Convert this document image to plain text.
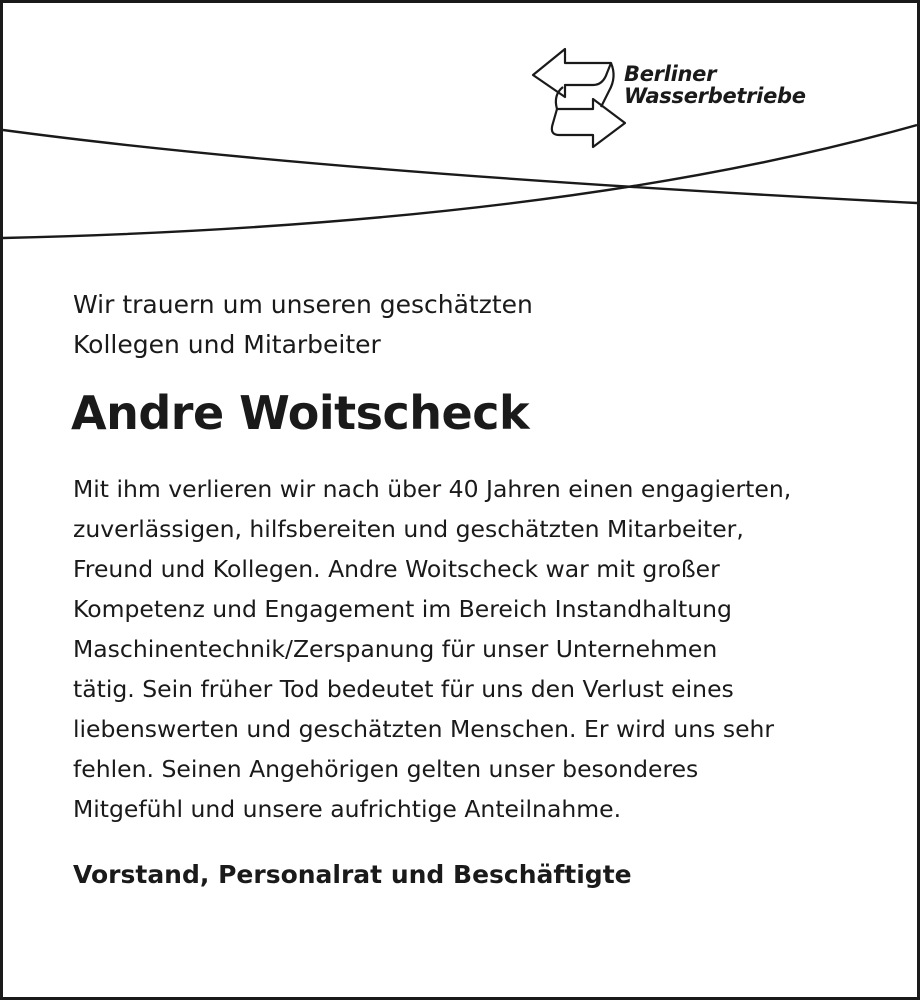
Berliner
Wasserbetriebe
Wir trauern um unseren geschätzten
Kollegen und Mitarbeiter
Andre Woitscheck
Mit ihm verlieren wir nach über 40 Jahren einen engagierten,
zuverlässigen, hilfsbereiten und geschätzten Mitarbeiter,
Freund und Kollegen. Andre Woitscheck war mit großer
Kompetenz und Engagement im Bereich Instandhaltung
Maschinentechnik/Zerspanung für unser Unternehmen
tätig. Sein früher Tod bedeutet für uns den Verlust eines
liebenswerten und geschätzten Menschen. Er wird uns sehr
fehlen. Seinen Angehörigen gelten unser besonderes
Mitgefühl und unsere aufrichtige Anteilnahme.
Vorstand, Personalrat und Beschäftigte
